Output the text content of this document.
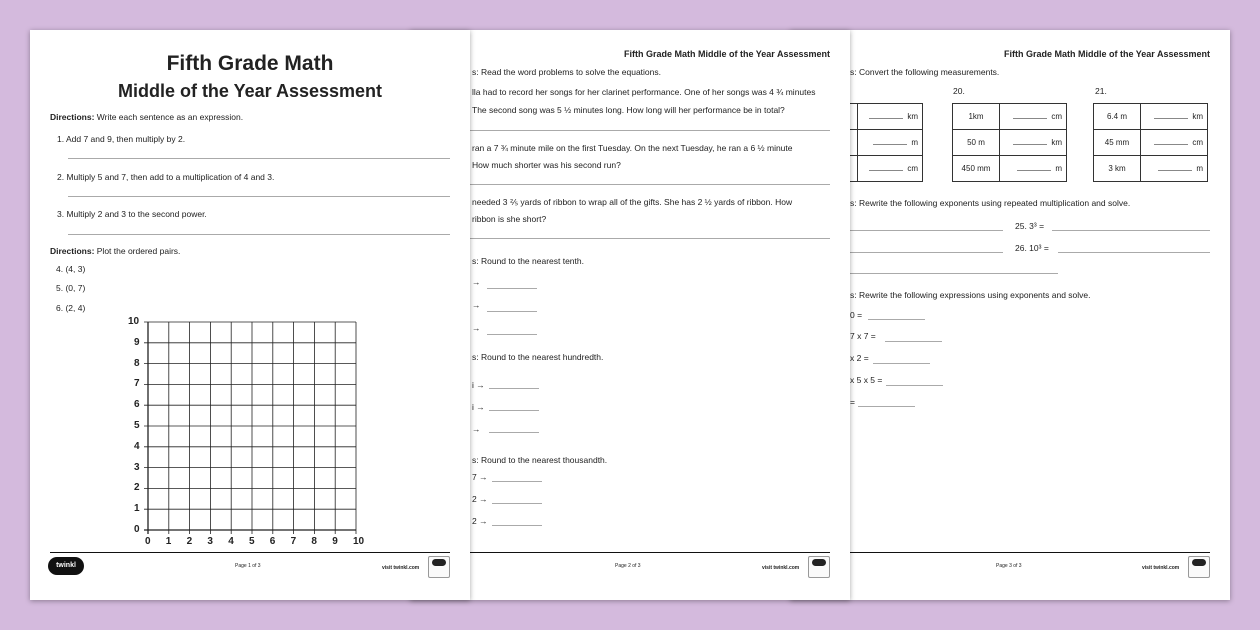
Fifth Grade Math Middle of the Year Assessment
s: Convert the following measurements.
20.	21.
	km
	m
	cm
1km	cm
50 m	km
450 mm	m
6.4 m	km
45 mm	cm
3 km	m
s: Rewrite the following exponents using repeated multiplication and solve.
25. 3³ =
26. 10³ =
s: Rewrite the following expressions using exponents and solve.
0 =
7 x 7 =
x 2 =
x 5 x 5 =
=
Page 3 of 3	visit twinkl.com
Fifth Grade Math Middle of the Year Assessment
s: Read the word problems to solve the equations.
lla had to record her songs for her clarinet performance. One of her songs was 4 ¾ minutes
The second song was 5 ½ minutes long. How long will her performance be in total?
ran a 7 ¾ minute mile on the first Tuesday. On the next Tuesday, he ran a 6 ½ minute
How much shorter was his second run?
needed 3 ⅖ yards of ribbon to wrap all of the gifts. She has 2 ½ yards of ribbon. How
ribbon is she short?
s: Round to the nearest tenth.
→
→
→
s: Round to the nearest hundredth.
i →
i →
→
s: Round to the nearest thousandth.
7 →
2 →
2 →
Page 2 of 3	visit twinkl.com
Fifth Grade Math
Middle of the Year Assessment
Directions: Write each sentence as an expression.
1. Add 7 and 9, then multiply by 2.
2. Multiply 5 and 7, then add to a multiplication of 4 and 3.
3. Multiply 2 and 3 to the second power.
Directions: Plot the ordered pairs.
4. (4, 3)
5. (0, 7)
6. (2, 4)
0 1 2 3 4 5 6 7 8 9 10
0
1
2
3
4
5
6
7
8
9
10
twinkl	Page 1 of 3	visit twinkl.com
